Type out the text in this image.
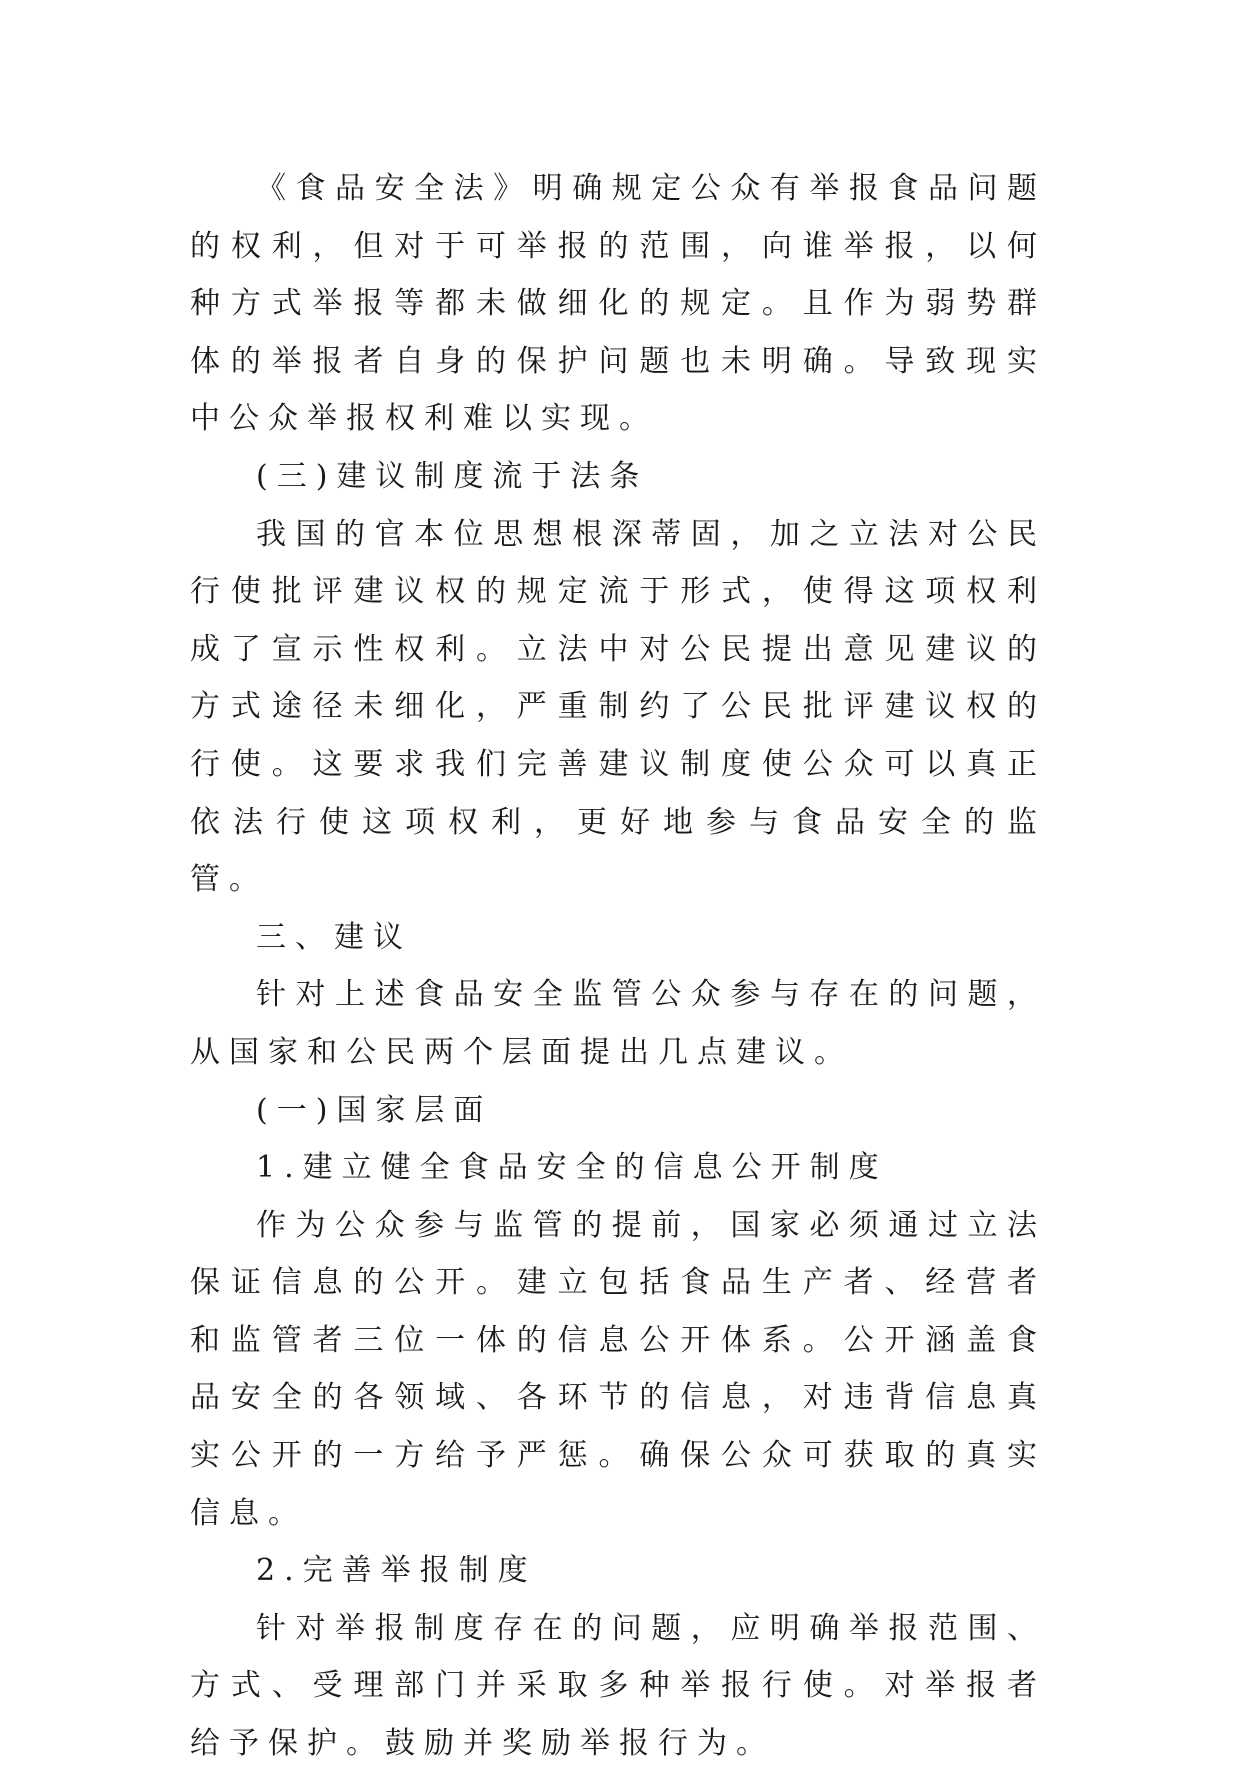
《食品安全法》明确规定公众有举报食品问题的权利，但对于可举报的范围，向谁举报，以何种方式举报等都未做细化的规定。且作为弱势群体的举报者自身的保护问题也未明确。导致现实中公众举报权利难以实现。

(三)建议制度流于法条

我国的官本位思想根深蒂固，加之立法对公民行使批评建议权的规定流于形式，使得这项权利成了宣示性权利。立法中对公民提出意见建议的方式途径未细化，严重制约了公民批评建议权的行使。这要求我们完善建议制度使公众可以真正依法行使这项权利，更好地参与食品安全的监管。

三、建议

针对上述食品安全监管公众参与存在的问题，从国家和公民两个层面提出几点建议。

(一)国家层面

1.建立健全食品安全的信息公开制度

作为公众参与监管的提前，国家必须通过立法保证信息的公开。建立包括食品生产者、经营者和监管者三位一体的信息公开体系。公开涵盖食品安全的各领域、各环节的信息，对违背信息真实公开的一方给予严惩。确保公众可获取的真实信息。

2.完善举报制度

针对举报制度存在的问题，应明确举报范围、方式、受理部门并采取多种举报行使。对举报者给予保护。鼓励并奖励举报行为。
